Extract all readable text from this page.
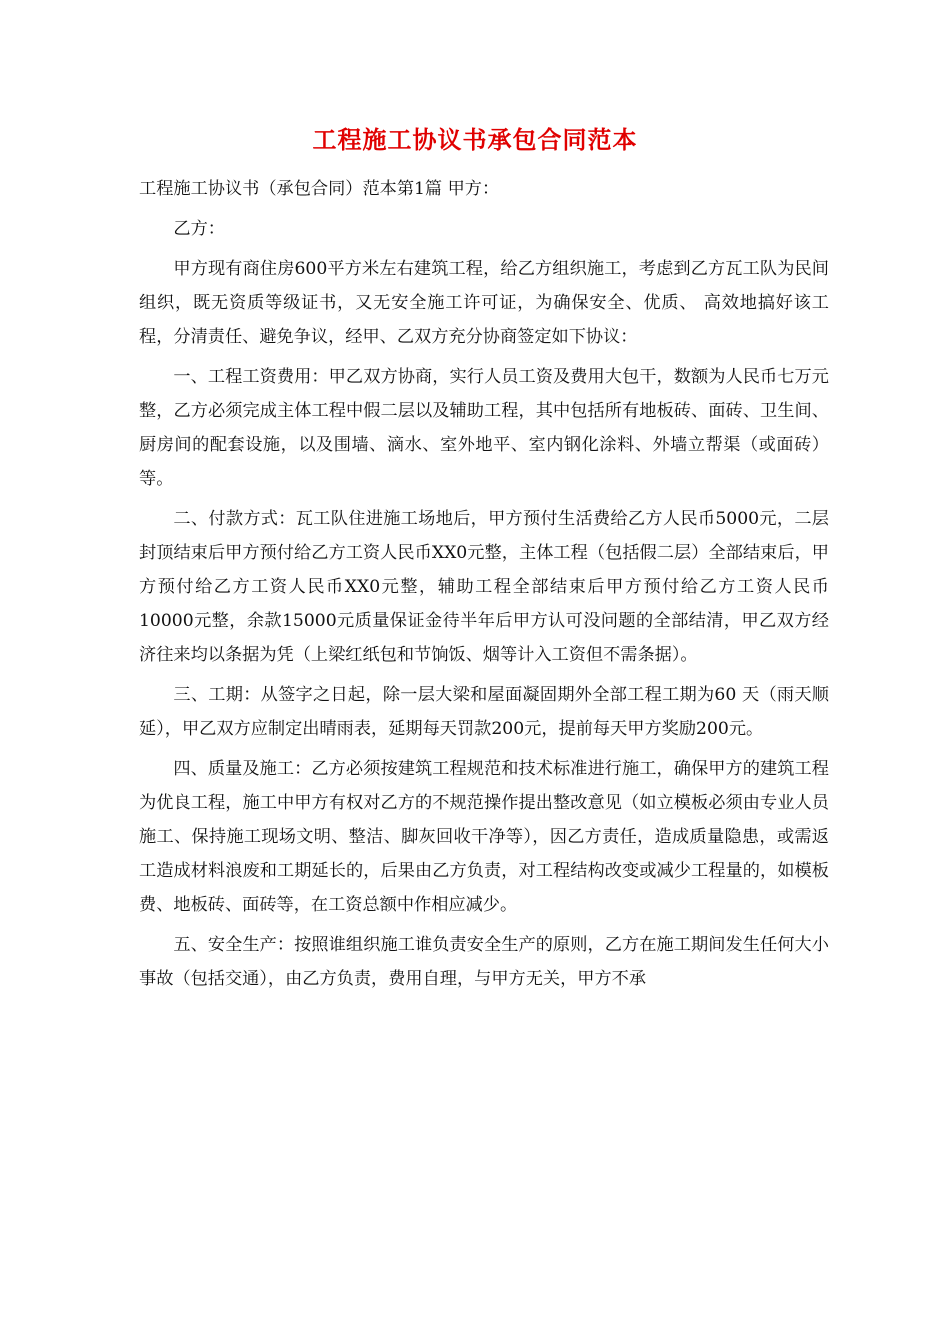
工程施工协议书承包合同范本

工程施工协议书（承包合同）范本第1篇 甲方：

乙方：

甲方现有商住房600平方米左右建筑工程，给乙方组织施工，考虑到乙方瓦工队为民间组织，既无资质等级证书，又无安全施工许可证，为确保安全、优质、 高效地搞好该工程，分清责任、避免争议，经甲、乙双方充分协商签定如下协议：

一、工程工资费用：甲乙双方协商，实行人员工资及费用大包干，数额为人民币七万元整，乙方必须完成主体工程中假二层以及辅助工程，其中包括所有地板砖、面砖、卫生间、厨房间的配套设施，以及围墙、滴水、室外地平、室内钢化涂料、外墙立帮渠（或面砖）等。

二、付款方式：瓦工队住进施工场地后，甲方预付生活费给乙方人民币5000元，二层封顶结束后甲方预付给乙方工资人民币XX0元整，主体工程（包括假二层）全部结束后，甲方预付给乙方工资人民币XX0元整，辅助工程全部结束后甲方预付给乙方工资人民币10000元整，余款15000元质量保证金待半年后甲方认可没问题的全部结清，甲乙双方经济往来均以条据为凭（上梁红纸包和节饷饭、烟等计入工资但不需条据）。

三、工期：从签字之日起，除一层大梁和屋面凝固期外全部工程工期为60 天（雨天顺延），甲乙双方应制定出晴雨表，延期每天罚款200元，提前每天甲方奖励200元。

四、质量及施工：乙方必须按建筑工程规范和技术标准进行施工，确保甲方的建筑工程为优良工程，施工中甲方有权对乙方的不规范操作提出整改意见（如立模板必须由专业人员施工、保持施工现场文明、整洁、脚灰回收干净等），因乙方责任，造成质量隐患，或需返工造成材料浪废和工期延长的，后果由乙方负责，对工程结构改变或减少工程量的，如模板费、地板砖、面砖等，在工资总额中作相应减少。

五、安全生产：按照谁组织施工谁负责安全生产的原则，乙方在施工期间发生任何大小事故（包括交通），由乙方负责，费用自理，与甲方无关，甲方不承
